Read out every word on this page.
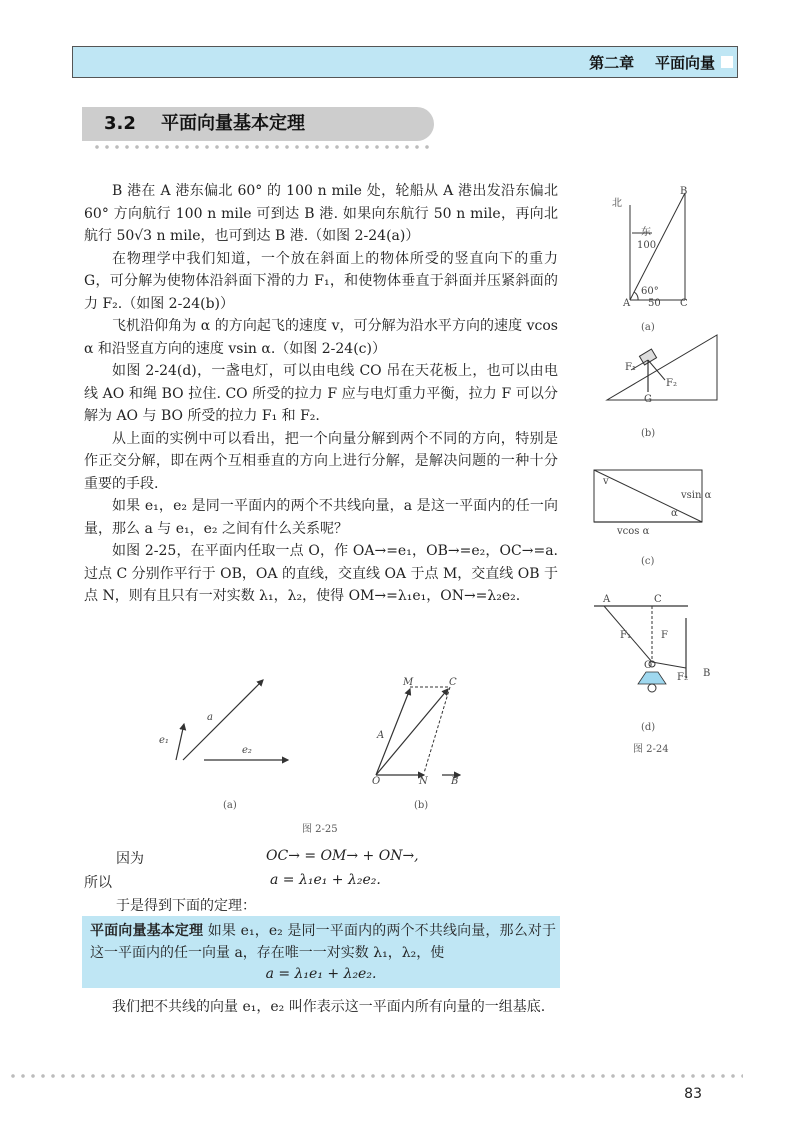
第二章    平面向量
3.2    平面向量基本定理

B 港在 A 港东偏北 60° 的 100 n mile 处，轮船从 A 港出发沿东偏北 60° 方向航行 100 n mile 可到达 B 港. 如果向东航行 50 n mile，再向北航行 50√3 n mile，也可到达 B 港.（如图 2-24(a)）

在物理学中我们知道，一个放在斜面上的物体所受的竖直向下的重力 G，可分解为使物体沿斜面下滑的力 F₁，和使物体垂直于斜面并压紧斜面的力 F₂.（如图 2-24(b)）

飞机沿仰角为 α 的方向起飞的速度 v，可分解为沿水平方向的速度 vcos α 和沿竖直方向的速度 vsin α.（如图 2-24(c)）

如图 2-24(d)，一盏电灯，可以由电线 CO 吊在天花板上，也可以由电线 AO 和绳 BO 拉住. CO 所受的拉力 F 应与电灯重力平衡，拉力 F 可以分解为 AO 与 BO 所受的拉力 F₁ 和 F₂.

从上面的实例中可以看出，把一个向量分解到两个不同的方向，特别是作正交分解，即在两个互相垂直的方向上进行分解，是解决问题的一种十分重要的手段.

如果 e₁，e₂ 是同一平面内的两个不共线向量，a 是这一平面内的任一向量，那么 a 与 e₁，e₂ 之间有什么关系呢？

如图 2-25，在平面内任取一点 O，作 OA→=e₁，OB→=e₂，OC→=a. 过点 C 分别作平行于 OB，OA 的直线，交直线 OA 于点 M，交直线 OB 于点 N，则有且只有一对实数 λ₁，λ₂，使得 OM→=λ₁e₁，ON→=λ₂e₂.

北
东
100
60°
A 50 C
B
(a)
F₁
F₂
G
(b)
v
α
vsin α
vcos α
(c)
A	C
F₁	F
O
F₂ B
(d)
图 2-24
a
e₁
e₂
(a)
M	C
A
O	N B
(b)
图 2-25
因为	OC→ = OM→ + ON→,
所以	a = λ₁e₁ + λ₂e₂.
于是得到下面的定理：
平面向量基本定理 如果 e₁，e₂ 是同一平面内的两个不共线向量，那么对于这一平面内的任一向量 a，存在唯一一对实数 λ₁，λ₂，使
a = λ₁e₁ + λ₂e₂.

我们把不共线的向量 e₁，e₂ 叫作表示这一平面内所有向量的一组基底.

83
